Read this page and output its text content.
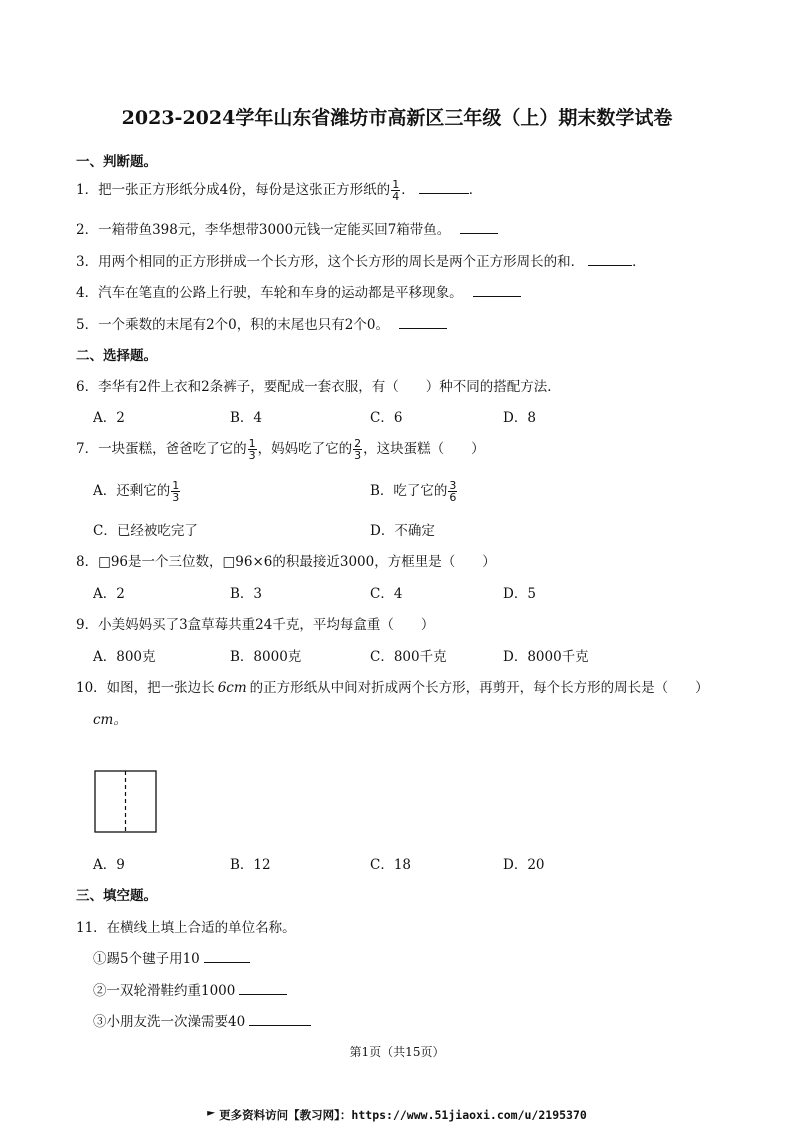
2023-2024学年山东省潍坊市高新区三年级（上）期末数学试卷
一、判断题。
1．把一张正方形纸分成4份，每份是这张正方形纸的 $\frac{1}{4}$ ．	．
2．一箱带鱼398元，李华想带3000元钱一定能买回7箱带鱼。
3．用两个相同的正方形拼成一个长方形，这个长方形的周长是两个正方形周长的和．	．
4．汽车在笔直的公路上行驶，车轮和车身的运动都是平移现象。
5．一个乘数的末尾有2个0，积的末尾也只有2个0。
二、选择题。
6．李华有2件上衣和2条裤子，要配成一套衣服，有（　　）种不同的搭配方法．
A．2	B．4	C．6	D．8
7．一块蛋糕，爸爸吃了它的 $\frac{1}{3}$ ，妈妈吃了它的 $\frac{2}{3}$ ，这块蛋糕（　　）
A．还剩它的 $\frac{1}{3}$	B．吃了它的 $\frac{3}{6}$
C．已经被吃完了	D．不确定
8．□96是一个三位数，□96×6的积最接近3000，方框里是（　　）
A．2	B．3	C．4	D．5
9．小美妈妈买了3盒草莓共重24千克，平均每盒重（　　）
A．800克	B．8000克	C．800千克	D．8000千克
10．如图，把一张边长 6cm 的正方形纸从中间对折成两个长方形，再剪开，每个长方形的周长是（　　）
cm。
A．9	B．12	C．18	D．20
三、填空题。
11．在横线上填上合适的单位名称。
①踢5个毽子用10
②一双轮滑鞋约重1000
③小朋友洗一次澡需要40
第1页（共15页）
更多资料访问【教习网】：https://www.51jiaoxi.com/u/2195370
